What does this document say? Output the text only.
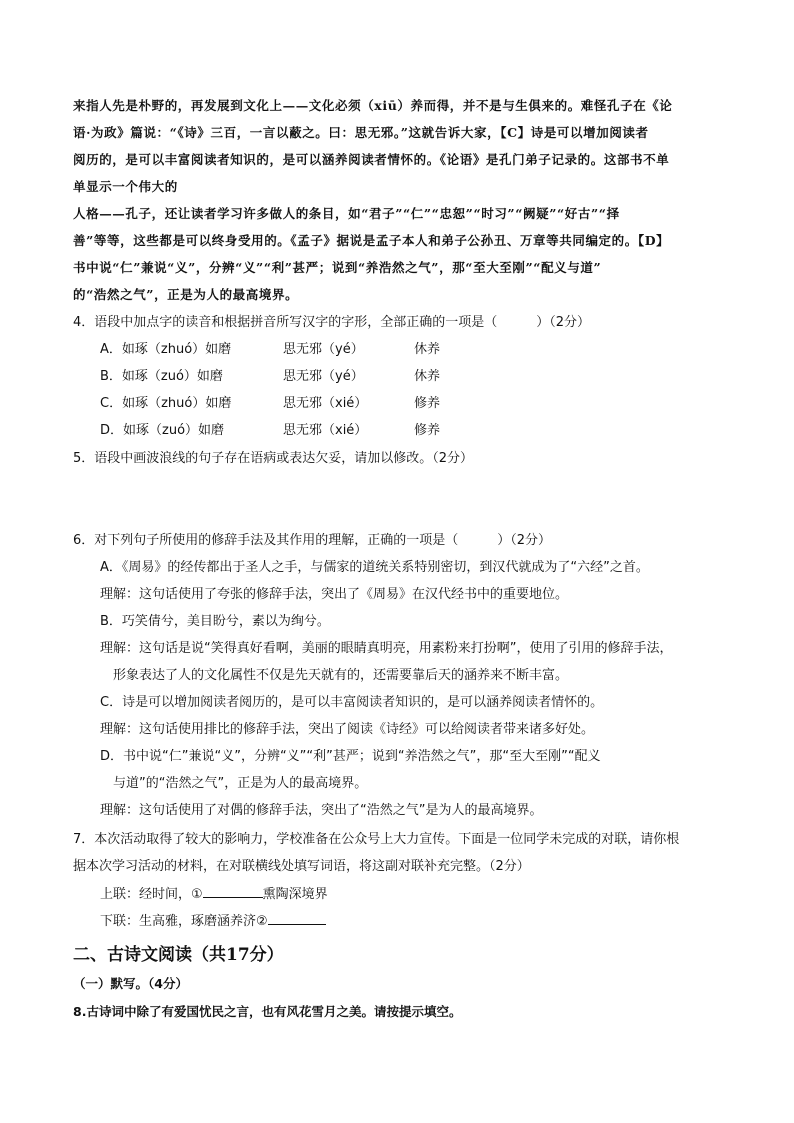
来指人先是朴野的，再发展到文化上——文化必须（xiū）养而得，并不是与生俱来的。难怪孔子在《论
语·为政》篇说：“《诗》三百，一言以蔽之。曰：思无邪。”这就告诉大家，【C】诗是可以增加阅读者
阅历的，是可以丰富阅读者知识的，是可以涵养阅读者情怀的。《论语》是孔门弟子记录的。这部书不单
单显示一个伟大的
人格——孔子，还让读者学习许多做人的条目，如“君子”“仁”“忠恕”“时习”“阙疑”“好古”“择
善”等等，这些都是可以终身受用的。《孟子》据说是孟子本人和弟子公孙丑、万章等共同编定的。【D】
书中说“仁”兼说“义”，分辨“义”“利”甚严；说到“养浩然之气”，那“至大至刚”“配义与道”
的“浩然之气”，正是为人的最高境界。
4．语段中加点字的读音和根据拼音所写汉字的字形，全部正确的一项是（　　　）（2分）
A．如琢（zhuó）如磨	思无邪（yé）	休养
B．如琢（zuó）如磨	思无邪（yé）	休养
C．如琢（zhuó）如磨	思无邪（xié）	修养
D．如琢（zuó）如磨	思无邪（xié）	修养
5．语段中画波浪线的句子存在语病或表达欠妥，请加以修改。（2分）
6．对下列句子所使用的修辞手法及其作用的理解，正确的一项是（　　　）（2分）
A．《周易》的经传都出于圣人之手，与儒家的道统关系特别密切，到汉代就成为了“六经”之首。
理解：这句话使用了夸张的修辞手法，突出了《周易》在汉代经书中的重要地位。
B．巧笑倩兮，美目盼兮，素以为绚兮。
理解：这句话是说“笑得真好看啊，美丽的眼睛真明亮，用素粉来打扮啊”，使用了引用的修辞手法，
形象表达了人的文化属性不仅是先天就有的，还需要靠后天的涵养来不断丰富。
C．诗是可以增加阅读者阅历的，是可以丰富阅读者知识的，是可以涵养阅读者情怀的。
理解：这句话使用排比的修辞手法，突出了阅读《诗经》可以给阅读者带来诸多好处。
D．书中说“仁”兼说“义”，分辨“义”“利”甚严；说到“养浩然之气”，那“至大至刚”“配义
与道”的“浩然之气”，正是为人的最高境界。
理解：这句话使用了对偶的修辞手法，突出了“浩然之气”是为人的最高境界。
7．本次活动取得了较大的影响力，学校准备在公众号上大力宣传。下面是一位同学未完成的对联，请你根
据本次学习活动的材料，在对联横线处填写词语，将这副对联补充完整。（2分）
上联：经时间，①	熏陶深境界
下联：生高雅，琢磨涵养济②
二、古诗文阅读（共17分）
（一）默写。（4分）
8.古诗词中除了有爱国忧民之言，也有风花雪月之美。请按提示填空。
